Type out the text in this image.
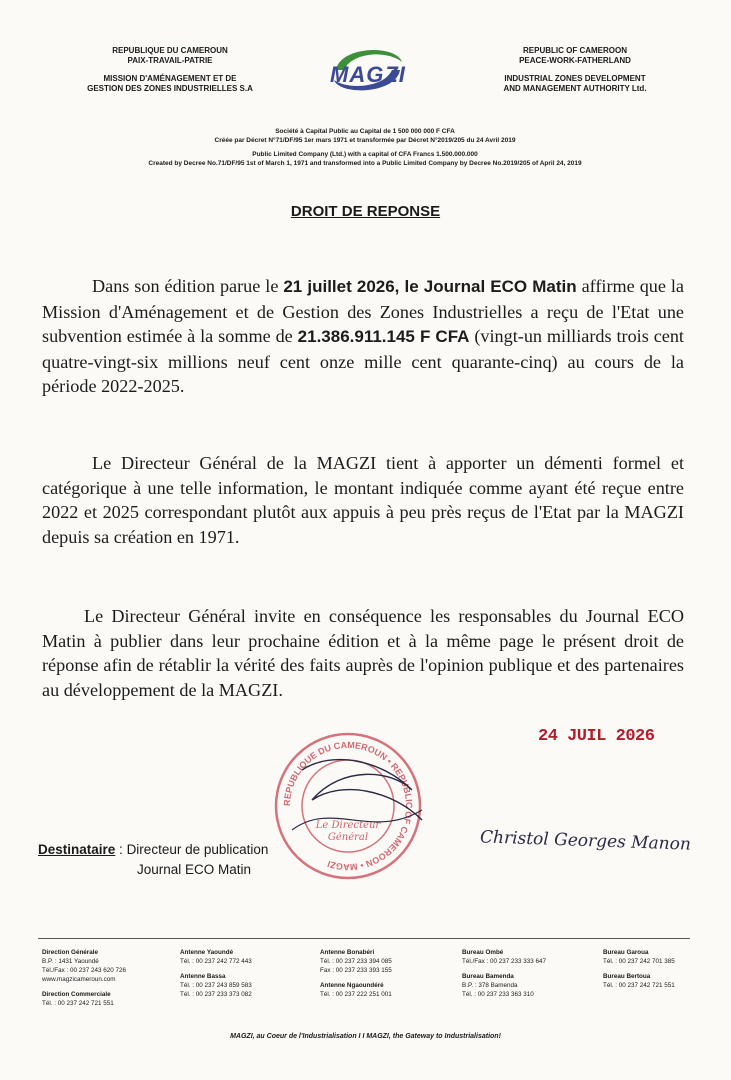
REPUBLIQUE DU CAMEROUN
PAIX-TRAVAIL-PATRIE
MISSION D'AMÉNAGEMENT ET DE
GESTION DES ZONES INDUSTRIELLES S.A
MAGZI
REPUBLIC OF CAMEROON
PEACE-WORK-FATHERLAND
INDUSTRIAL ZONES DEVELOPMENT
AND MANAGEMENT AUTHORITY Ltd.
Société à Capital Public au Capital de 1 500 000 000 F CFA
Créée par Décret N°71/DF/95 1er mars 1971 et transformée par Décret N°2019/205 du 24 Avril 2019
Public Limited Company (Ltd.) with a capital of CFA Francs 1.500.000.000
Created by Decree No.71/DF/95 1st of March 1, 1971 and transformed into a Public Limited Company by Decree No.2019/205 of April 24, 2019
DROIT DE REPONSE
Dans son édition parue le 21 juillet 2026, le Journal ECO Matin affirme que la Mission d'Aménagement et de Gestion des Zones Industrielles a reçu de l'Etat une subvention estimée à la somme de 21.386.911.145 F CFA (vingt-un milliards trois cent quatre-vingt-six millions neuf cent onze mille cent quarante-cinq) au cours de la période 2022-2025.
Le Directeur Général de la MAGZI tient à apporter un démenti formel et catégorique à une telle information, le montant indiquée comme ayant été reçue entre 2022 et 2025 correspondant plutôt aux appuis à peu près reçus de l'Etat par la MAGZI depuis sa création en 1971.
Le Directeur Général invite en conséquence les responsables du Journal ECO Matin à publier dans leur prochaine édition et à la même page le présent droit de réponse afin de rétablir la vérité des faits auprès de l'opinion publique et des partenaires au développement de la MAGZI.
24 JUIL 2026
REPUBLIQUE DU CAMEROUN • REPUBLIC OF CAMEROON • MAGZI
Le Directeur
Général	Christol Georges Manon
Destinataire : Directeur de publication
Journal ECO Matin
Direction Générale
B.P. : 1431 Yaoundé
Tél./Fax : 00 237 243 620 726
www.magzicameroun.com
Direction Commerciale
Tél. : 00 237 242 721 551
Antenne Yaoundé
Tél. : 00 237 242 772 443
Antenne Bassa
Tél. : 00 237 243 859 583
Tél. : 00 237 233 373 082
Antenne Bonabéri
Tél. : 00 237 233 394 085
Fax : 00 237 233 393 155
Antenne Ngaoundéré
Tél. : 00 237 222 251 001
Bureau Ombé
Tél./Fax : 00 237 233 333 647
Bureau Bamenda
B.P. : 378 Bamenda
Tél. : 00 237 233 363 310
Bureau Garoua
Tél. : 00 237 242 701 385
Bureau Bertoua
Tél. : 00 237 242 721 551
MAGZI, au Coeur de l'Industrialisation I I MAGZI, the Gateway to Industrialisation!
